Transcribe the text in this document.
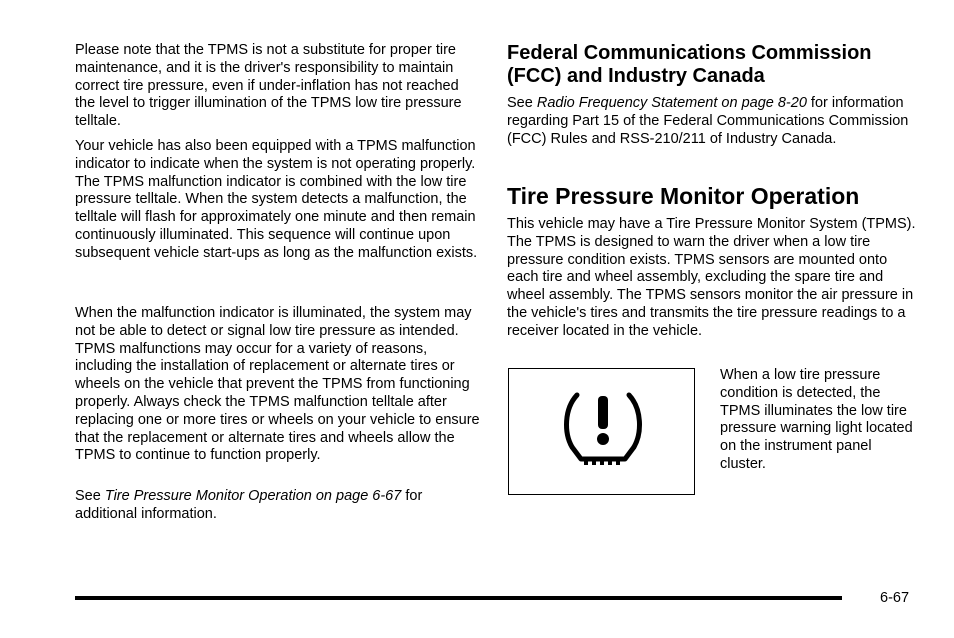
Please note that the TPMS is not a substitute for proper tire maintenance, and it is the driver's responsibility to maintain correct tire pressure, even if under-inflation has not reached the level to trigger illumination of the TPMS low tire pressure telltale.

Your vehicle has also been equipped with a TPMS malfunction indicator to indicate when the system is not operating properly. The TPMS malfunction indicator is combined with the low tire pressure telltale. When the system detects a malfunction, the telltale will flash for approximately one minute and then remain continuously illuminated. This sequence will continue upon subsequent vehicle start-ups as long as the malfunction exists.

When the malfunction indicator is illuminated, the system may not be able to detect or signal low tire pressure as intended. TPMS malfunctions may occur for a variety of reasons, including the installation of replacement or alternate tires or wheels on the vehicle that prevent the TPMS from functioning properly. Always check the TPMS malfunction telltale after replacing one or more tires or wheels on your vehicle to ensure that the replacement or alternate tires and wheels allow the TPMS to continue to function properly.

See Tire Pressure Monitor Operation on page 6-67 for additional information.

Federal Communications Commission (FCC) and Industry Canada

See Radio Frequency Statement on page 8-20 for information regarding Part 15 of the Federal Communications Commission (FCC) Rules and RSS-210/211 of Industry Canada.

Tire Pressure Monitor Operation

This vehicle may have a Tire Pressure Monitor System (TPMS). The TPMS is designed to warn the driver when a low tire pressure condition exists. TPMS sensors are mounted onto each tire and wheel assembly, excluding the spare tire and wheel assembly. The TPMS sensors monitor the air pressure in the vehicle's tires and transmits the tire pressure readings to a receiver located in the vehicle.

When a low tire pressure condition is detected, the TPMS illuminates the low tire pressure warning light located on the instrument panel cluster.

6-67
